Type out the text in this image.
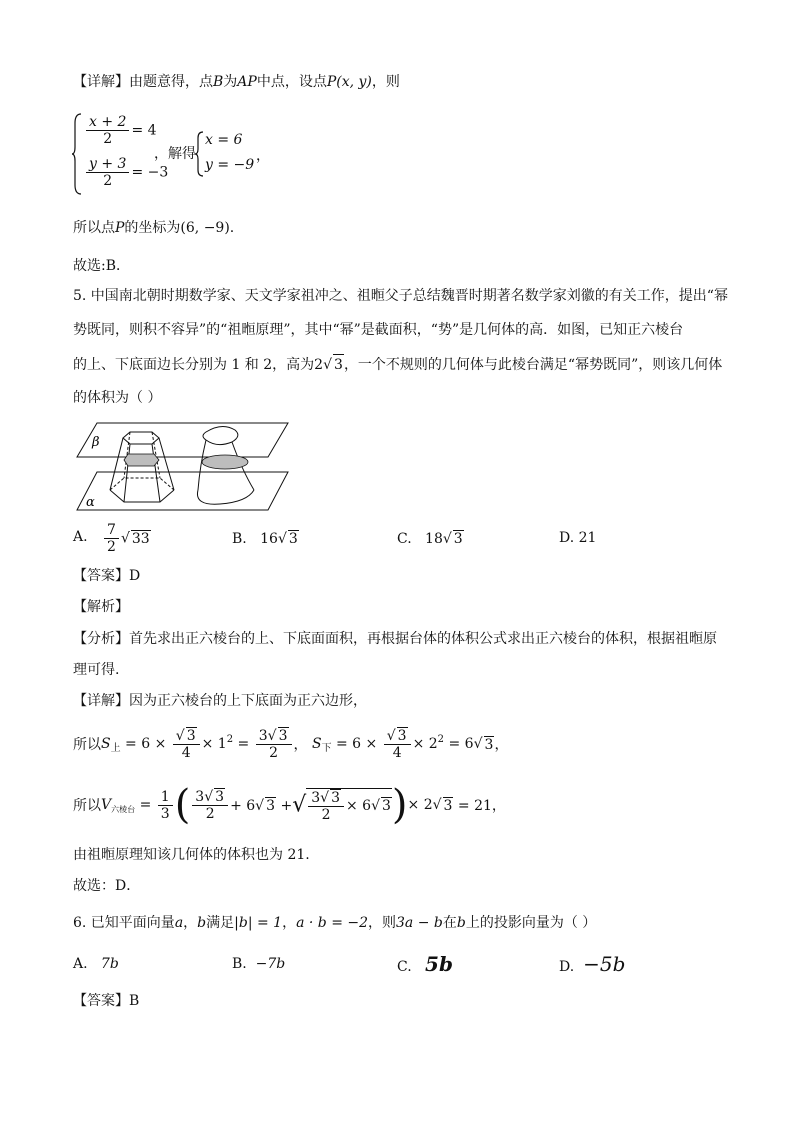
【详解】由题意得，点B为AP中点，设点P(x, y)，则
$\frac{x + 2}{2} = 4$
$\frac{y + 3}{2} = -3$
，解得
x = 6
y = −9
，
所以点P的坐标为(6, −9).
故选:B．
5. 中国南北朝时期数学家、天文学家祖冲之、祖暅父子总结魏晋时期著名数学家刘徽的有关工作，提出“幂
势既同，则积不容异”的“祖暅原理”，其中“幂”是截面积，“势”是几何体的高．如图，已知正六棱台
的上、下底面边长分别为 1 和 2，高为2√ 3，一个不规则的几何体与此棱台满足“幂势既同”，则该几何体
的体积为（ ）
β
α
A. $\frac{7}{2}$ √ 33	B. 16√ 3	C. 18√ 3	D. 21
【答案】D
【解析】
【分析】首先求出正六棱台的上、下底面面积，再根据台体的体积公式求出正六棱台的体积，根据祖暅原
理可得.
【详解】因为正六棱台的上下底面为正六边形，
所以$S_上 = 6 \times \frac{√ 3}{4} \times 1^2 = \frac{3√ 3}{2}$ ， $S_下 = 6 \times \frac{√ 3}{4} \times 2^2 = 6√$ 3，
所以$V_{六棱台} = \frac{1}{3}$ ( $\frac{3√ 3}{2} + 6√$ 3 +√ $\frac{3√ 3}{2} \times 6√$ 3)× 2√ 3 = 21，
由祖暅原理知该几何体的体积也为 21.
故选：D．
6. 已知平面向量a，b满足|b| = 1，a · b = −2，则3a − b在b上的投影向量为（ ）
A. 7b	B. −7b	C. 5b	D. −5b
【答案】B
